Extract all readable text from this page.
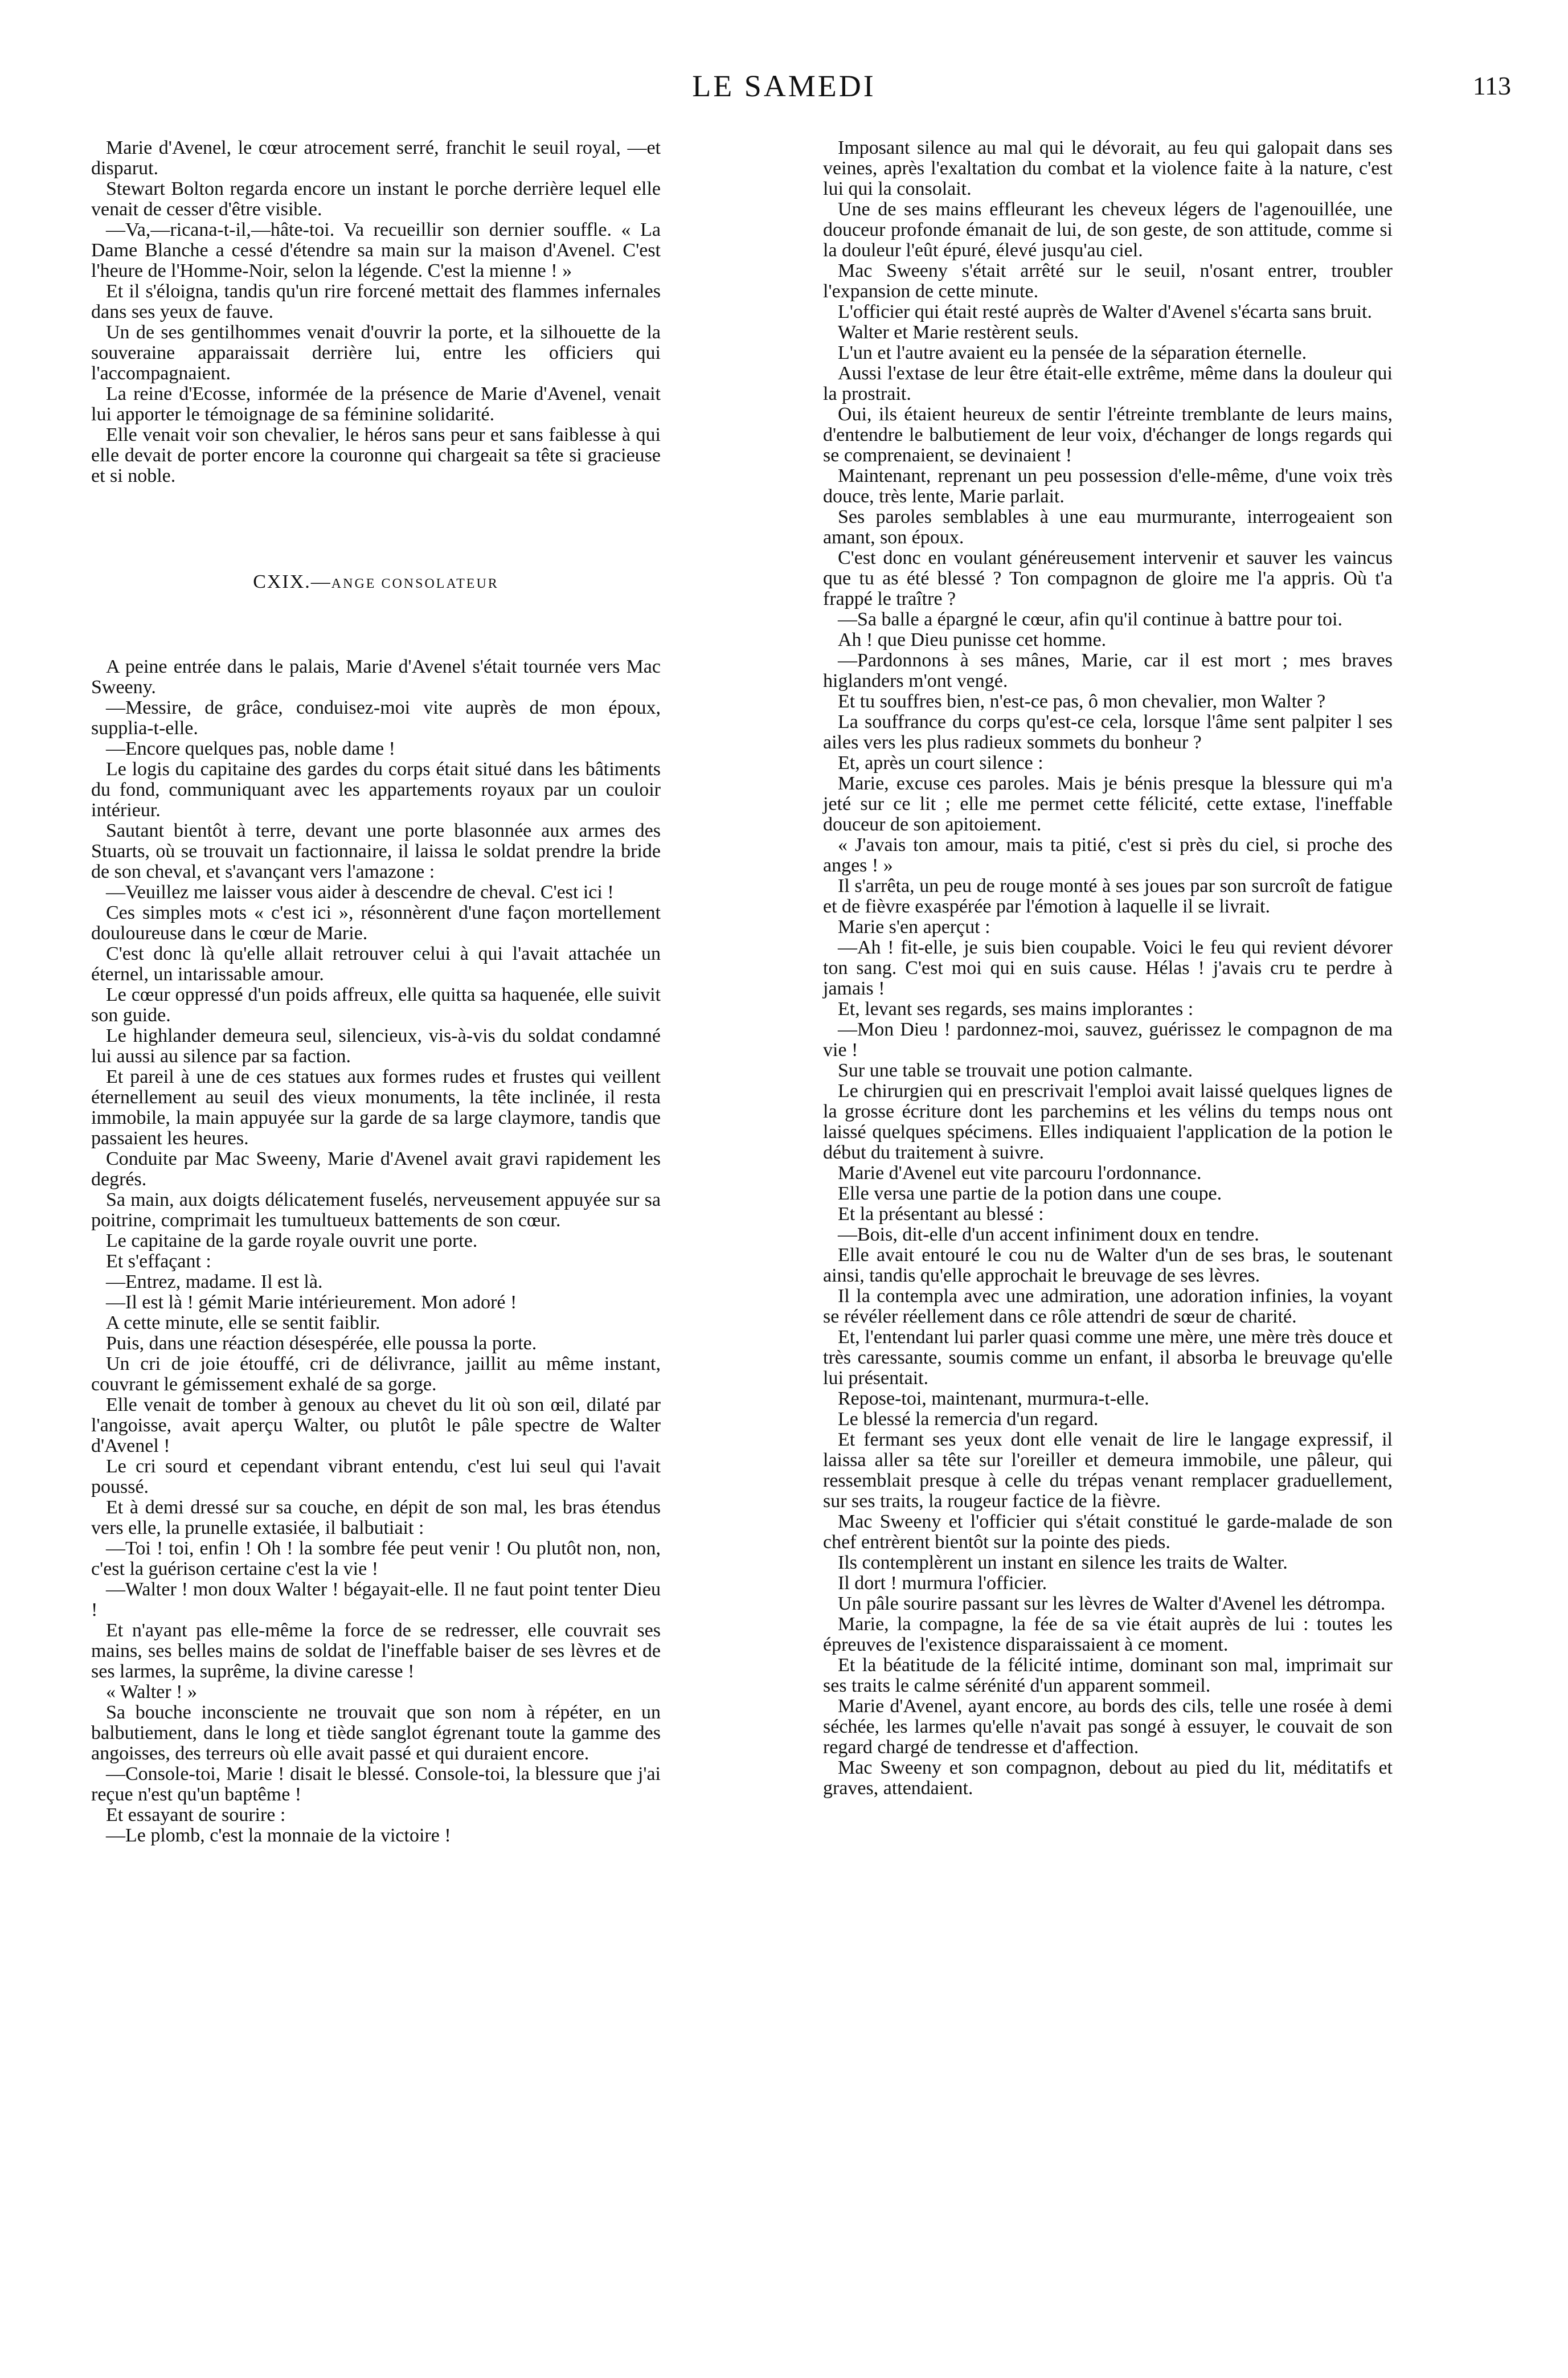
LE SAMEDI	113

Marie d'Avenel, le cœur atrocement serré, franchit le seuil royal, —et disparut.

Stewart Bolton regarda encore un instant le porche derrière lequel elle venait de cesser d'être visible.

—Va,—ricana-t-il,—hâte-toi. Va recueillir son dernier souffle. « La Dame Blanche a cessé d'étendre sa main sur la maison d'Avenel. C'est l'heure de l'Homme-Noir, selon la légende. C'est la mienne ! »

Et il s'éloigna, tandis qu'un rire forcené mettait des flammes infernales dans ses yeux de fauve.

Un de ses gentilhommes venait d'ouvrir la porte, et la silhouette de la souveraine apparaissait derrière lui, entre les officiers qui l'accompagnaient.

La reine d'Ecosse, informée de la présence de Marie d'Avenel, venait lui apporter le témoignage de sa féminine solidarité.

Elle venait voir son chevalier, le héros sans peur et sans faiblesse à qui elle devait de porter encore la couronne qui chargeait sa tête si gracieuse et si noble.

CXIX.—ANGE CONSOLATEUR

A peine entrée dans le palais, Marie d'Avenel s'était tournée vers Mac Sweeny.

—Messire, de grâce, conduisez-moi vite auprès de mon époux, supplia-t-elle.

—Encore quelques pas, noble dame !

Le logis du capitaine des gardes du corps était situé dans les bâtiments du fond, communiquant avec les appartements royaux par un couloir intérieur.

Sautant bientôt à terre, devant une porte blasonnée aux armes des Stuarts, où se trouvait un factionnaire, il laissa le soldat prendre la bride de son cheval, et s'avançant vers l'amazone :

—Veuillez me laisser vous aider à descendre de cheval. C'est ici !

Ces simples mots « c'est ici », résonnèrent d'une façon mortellement douloureuse dans le cœur de Marie.

C'est donc là qu'elle allait retrouver celui à qui l'avait attachée un éternel, un intarissable amour.

Le cœur oppressé d'un poids affreux, elle quitta sa haquenée, elle suivit son guide.

Le highlander demeura seul, silencieux, vis-à-vis du soldat condamné lui aussi au silence par sa faction.

Et pareil à une de ces statues aux formes rudes et frustes qui veillent éternellement au seuil des vieux monuments, la tête inclinée, il resta immobile, la main appuyée sur la garde de sa large claymore, tandis que passaient les heures.

Conduite par Mac Sweeny, Marie d'Avenel avait gravi rapidement les degrés.

Sa main, aux doigts délicatement fuselés, nerveusement appuyée sur sa poitrine, comprimait les tumultueux battements de son cœur.

Le capitaine de la garde royale ouvrit une porte.

Et s'effaçant :

—Entrez, madame. Il est là.

—Il est là ! gémit Marie intérieurement. Mon adoré !

A cette minute, elle se sentit faiblir.

Puis, dans une réaction désespérée, elle poussa la porte.

Un cri de joie étouffé, cri de délivrance, jaillit au même instant, couvrant le gémissement exhalé de sa gorge.

Elle venait de tomber à genoux au chevet du lit où son œil, dilaté par l'angoisse, avait aperçu Walter, ou plutôt le pâle spectre de Walter d'Avenel !

Le cri sourd et cependant vibrant entendu, c'est lui seul qui l'avait poussé.

Et à demi dressé sur sa couche, en dépit de son mal, les bras étendus vers elle, la prunelle extasiée, il balbutiait :

—Toi ! toi, enfin ! Oh ! la sombre fée peut venir ! Ou plutôt non, non, c'est la guérison certaine c'est la vie !

—Walter ! mon doux Walter ! bégayait-elle. Il ne faut point tenter Dieu !

Et n'ayant pas elle-même la force de se redresser, elle couvrait ses mains, ses belles mains de soldat de l'ineffable baiser de ses lèvres et de ses larmes, la suprême, la divine caresse !

« Walter ! »

Sa bouche inconsciente ne trouvait que son nom à répéter, en un balbutiement, dans le long et tiède sanglot égrenant toute la gamme des angoisses, des terreurs où elle avait passé et qui duraient encore.

—Console-toi, Marie ! disait le blessé. Console-toi, la blessure que j'ai reçue n'est qu'un baptême !

Et essayant de sourire :

—Le plomb, c'est la monnaie de la victoire !

Imposant silence au mal qui le dévorait, au feu qui galopait dans ses veines, après l'exaltation du combat et la violence faite à la nature, c'est lui qui la consolait.

Une de ses mains effleurant les cheveux légers de l'agenouillée, une douceur profonde émanait de lui, de son geste, de son attitude, comme si la douleur l'eût épuré, élevé jusqu'au ciel.

Mac Sweeny s'était arrêté sur le seuil, n'osant entrer, troubler l'expansion de cette minute.

L'officier qui était resté auprès de Walter d'Avenel s'écarta sans bruit.

Walter et Marie restèrent seuls.

L'un et l'autre avaient eu la pensée de la séparation éternelle.

Aussi l'extase de leur être était-elle extrême, même dans la douleur qui la prostrait.

Oui, ils étaient heureux de sentir l'étreinte tremblante de leurs mains, d'entendre le balbutiement de leur voix, d'échanger de longs regards qui se comprenaient, se devinaient !

Maintenant, reprenant un peu possession d'elle-même, d'une voix très douce, très lente, Marie parlait.

Ses paroles semblables à une eau murmurante, interrogeaient son amant, son époux.

C'est donc en voulant généreusement intervenir et sauver les vaincus que tu as été blessé ? Ton compagnon de gloire me l'a appris. Où t'a frappé le traître ?

—Sa balle a épargné le cœur, afin qu'il continue à battre pour toi.

Ah ! que Dieu punisse cet homme.

—Pardonnons à ses mânes, Marie, car il est mort ; mes braves higlanders m'ont vengé.

Et tu souffres bien, n'est-ce pas, ô mon chevalier, mon Walter ?

La souffrance du corps qu'est-ce cela, lorsque l'âme sent palpiter l ses ailes vers les plus radieux sommets du bonheur ?

Et, après un court silence :

Marie, excuse ces paroles. Mais je bénis presque la blessure qui m'a jeté sur ce lit ; elle me permet cette félicité, cette extase, l'ineffable douceur de son apitoiement.

« J'avais ton amour, mais ta pitié, c'est si près du ciel, si proche des anges ! »

Il s'arrêta, un peu de rouge monté à ses joues par son surcroît de fatigue et de fièvre exaspérée par l'émotion à laquelle il se livrait.

Marie s'en aperçut :

—Ah ! fit-elle, je suis bien coupable. Voici le feu qui revient dévorer ton sang. C'est moi qui en suis cause. Hélas ! j'avais cru te perdre à jamais !

Et, levant ses regards, ses mains implorantes :

—Mon Dieu ! pardonnez-moi, sauvez, guérissez le compagnon de ma vie !

Sur une table se trouvait une potion calmante.

Le chirurgien qui en prescrivait l'emploi avait laissé quelques lignes de la grosse écriture dont les parchemins et les vélins du temps nous ont laissé quelques spécimens. Elles indiquaient l'application de la potion le début du traitement à suivre.

Marie d'Avenel eut vite parcouru l'ordonnance.

Elle versa une partie de la potion dans une coupe.

Et la présentant au blessé :

—Bois, dit-elle d'un accent infiniment doux en tendre.

Elle avait entouré le cou nu de Walter d'un de ses bras, le soutenant ainsi, tandis qu'elle approchait le breuvage de ses lèvres.

Il la contempla avec une admiration, une adoration infinies, la voyant se révéler réellement dans ce rôle attendri de sœur de charité.

Et, l'entendant lui parler quasi comme une mère, une mère très douce et très caressante, soumis comme un enfant, il absorba le breuvage qu'elle lui présentait.

Repose-toi, maintenant, murmura-t-elle.

Le blessé la remercia d'un regard.

Et fermant ses yeux dont elle venait de lire le langage expressif, il laissa aller sa tête sur l'oreiller et demeura immobile, une pâleur, qui ressemblait presque à celle du trépas venant remplacer graduellement, sur ses traits, la rougeur factice de la fièvre.

Mac Sweeny et l'officier qui s'était constitué le garde-malade de son chef entrèrent bientôt sur la pointe des pieds.

Ils contemplèrent un instant en silence les traits de Walter.

Il dort ! murmura l'officier.

Un pâle sourire passant sur les lèvres de Walter d'Avenel les détrompa.

Marie, la compagne, la fée de sa vie était auprès de lui : toutes les épreuves de l'existence disparaissaient à ce moment.

Et la béatitude de la félicité intime, dominant son mal, imprimait sur ses traits le calme sérénité d'un apparent sommeil.

Marie d'Avenel, ayant encore, au bords des cils, telle une rosée à demi séchée, les larmes qu'elle n'avait pas songé à essuyer, le couvait de son regard chargé de tendresse et d'affection.

Mac Sweeny et son compagnon, debout au pied du lit, méditatifs et graves, attendaient.
